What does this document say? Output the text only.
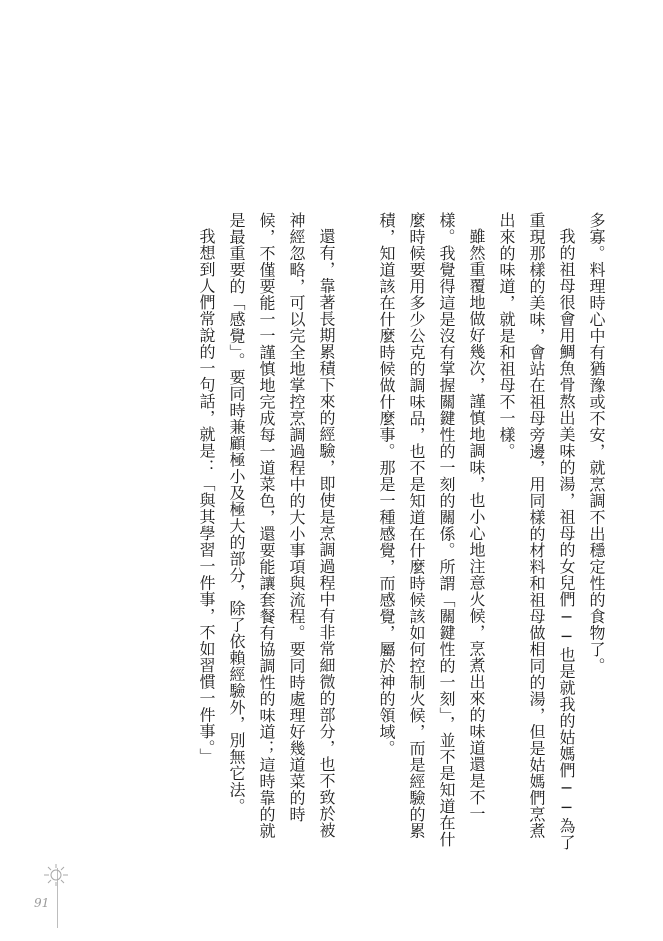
多寡。料理時心中有猶豫或不安，就烹調不出穩定性的食物了。

我的祖母很會用鯛魚骨熬出美味的湯，祖母的女兒們──也是就我的姑媽們──為了重現那樣的美味，會站在祖母旁邊，用同樣的材料和祖母做相同的湯，但是姑媽們烹煮出來的味道，就是和祖母不一樣。

雖然重覆地做好幾次，謹慎地調味，也小心地注意火候，烹煮出來的味道還是不一樣。我覺得這是沒有掌握關鍵性的一刻的關係。所謂「關鍵性的一刻」，並不是知道在什麼時候要用多少公克的調味品，也不是知道在什麼時候該如何控制火候，而是經驗的累積，知道該在什麼時候做什麼事。那是一種感覺，而感覺，屬於神的領域。

還有，靠著長期累積下來的經驗，即使是烹調過程中有非常細微的部分，也不致於被神經忽略，可以完全地掌控烹調過程中的大小事項與流程。要同時處理好幾道菜的時候，不僅要能一一謹慎地完成每一道菜色，還要能讓套餐有協調性的味道；這時靠的就是最重要的「感覺」。要同時兼顧極小及極大的部分，除了依賴經驗外，別無它法。

我想到人們常說的一句話，就是：「與其學習一件事，不如習慣一件事。」

91
